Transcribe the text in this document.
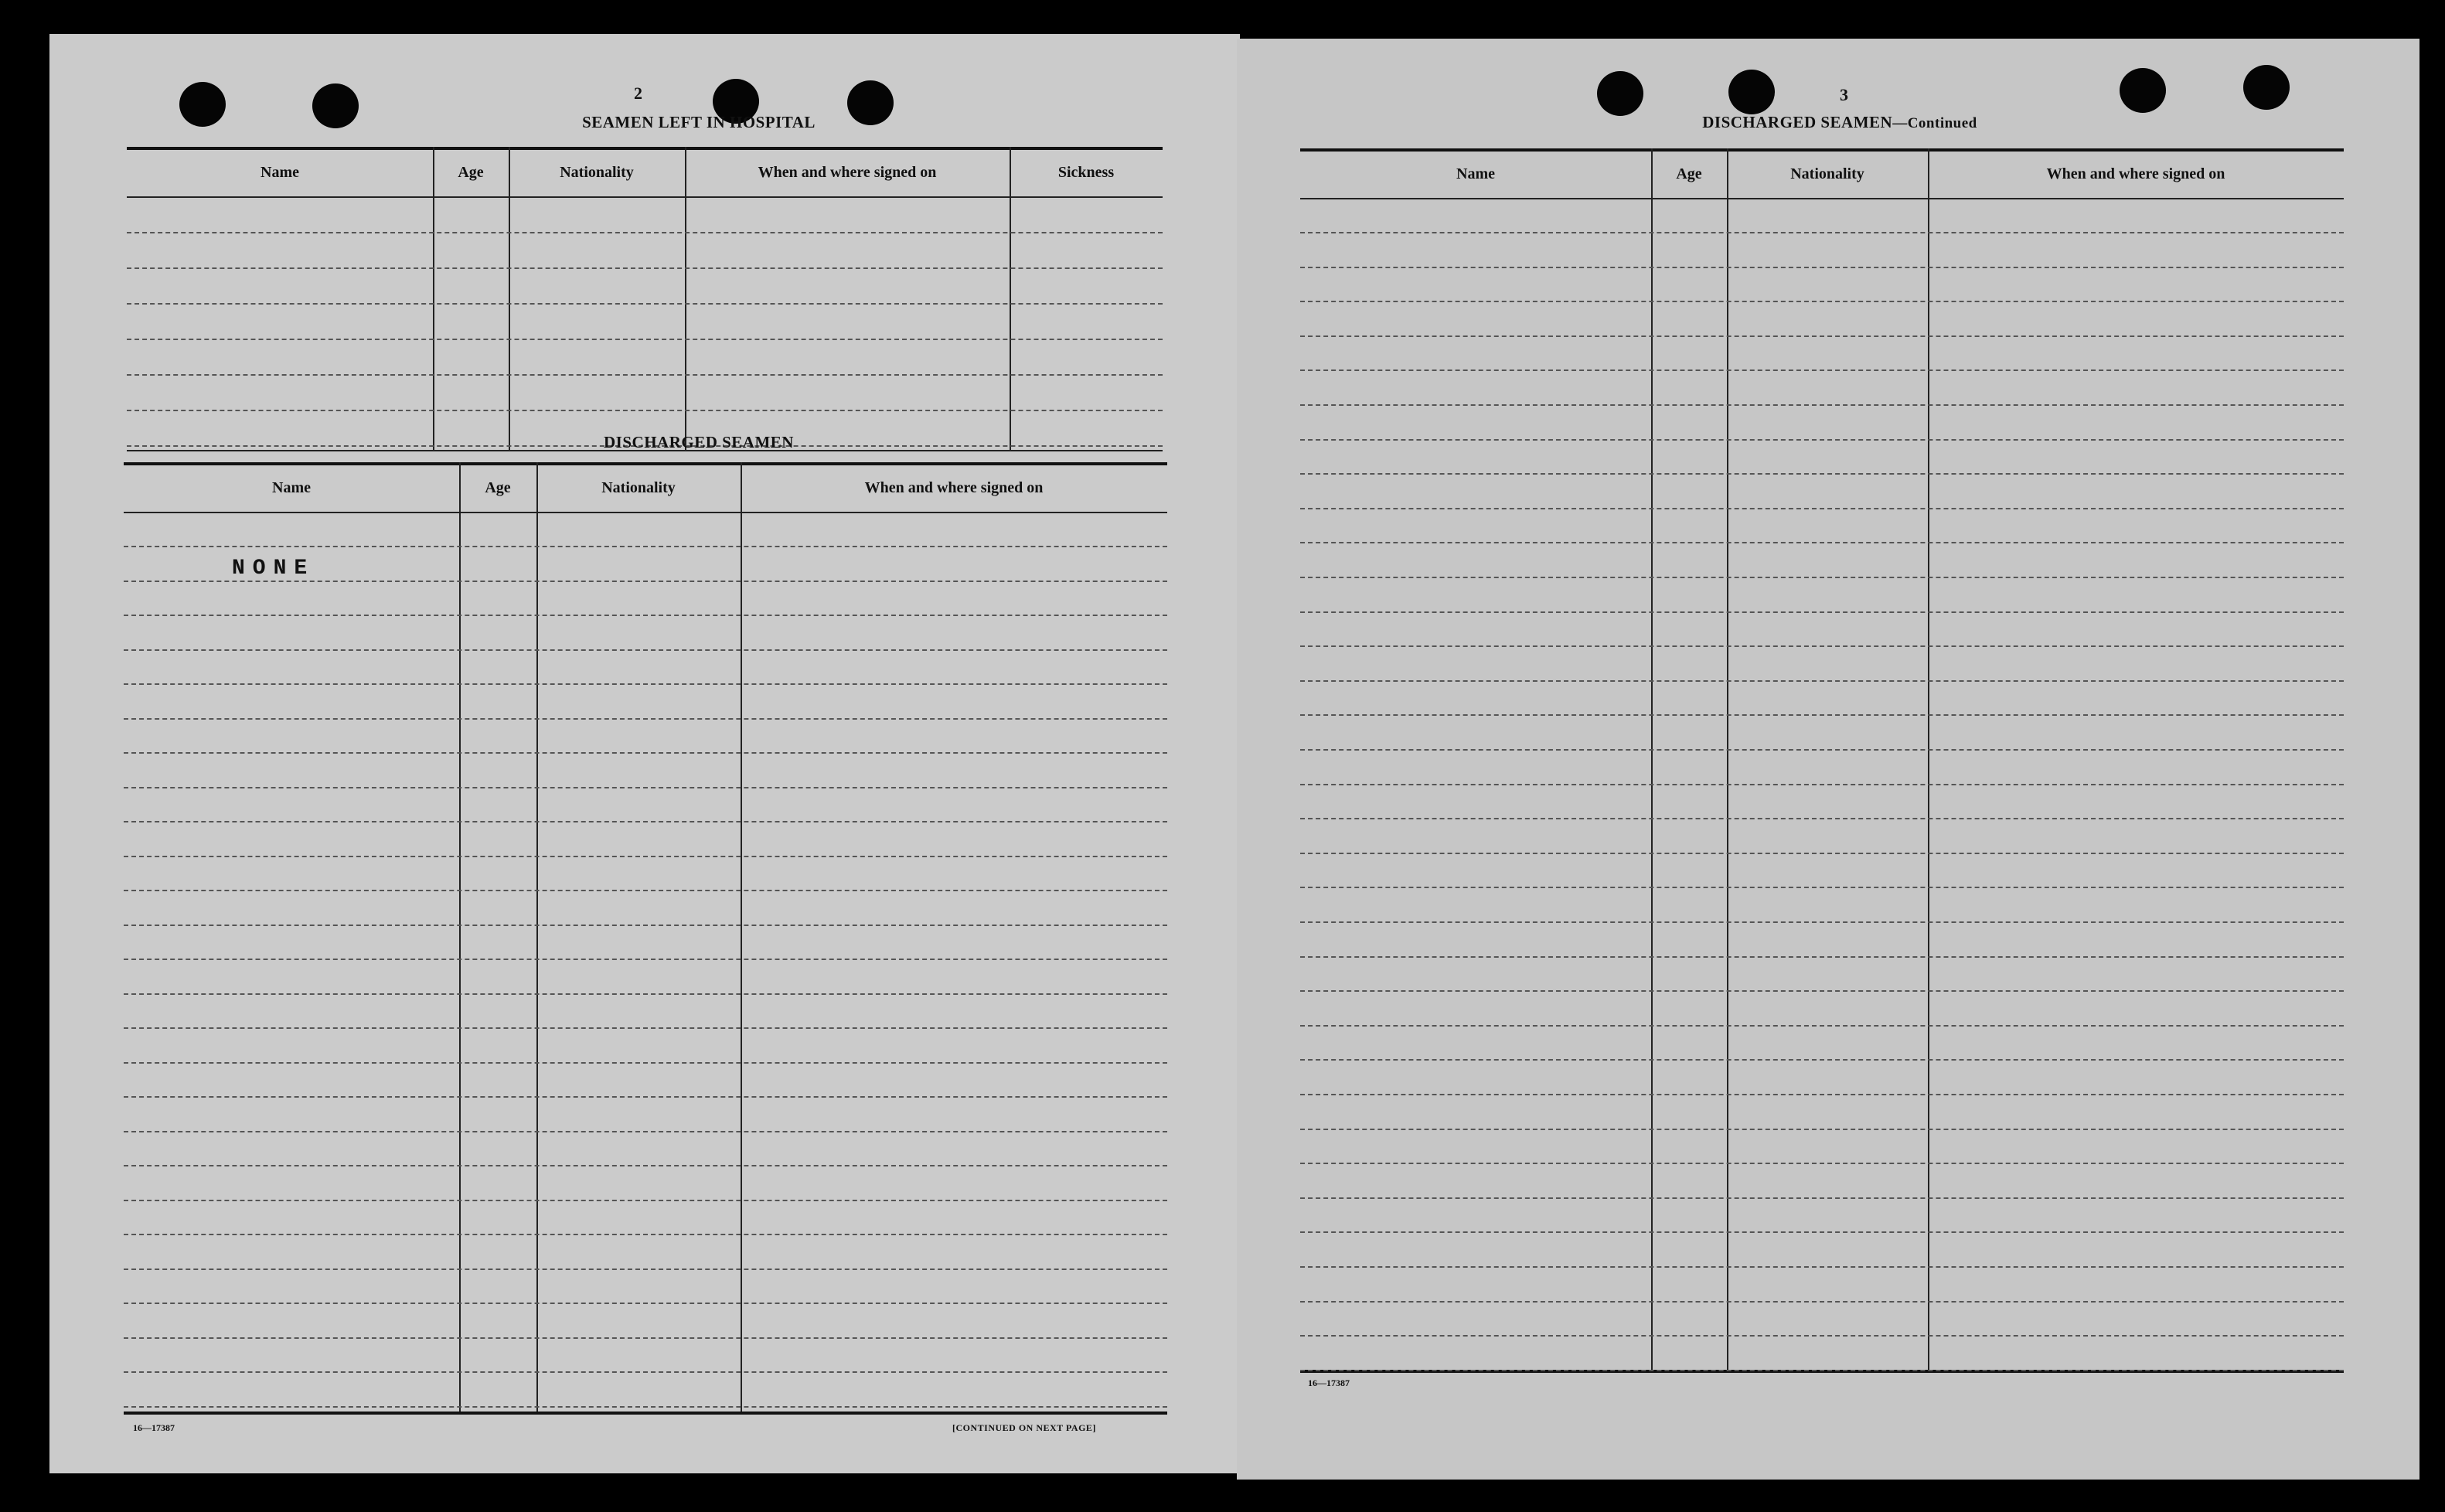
2
SEAMEN LEFT IN HOSPITAL
Name	Age	Nationality	When and where signed on	Sickness
DISCHARGED SEAMEN
Name	Age	Nationality	When and where signed on
NONE
16—17387	[CONTINUED ON NEXT PAGE]
3
DISCHARGED SEAMEN—Continued
Name	Age	Nationality	When and where signed on
16—17387
